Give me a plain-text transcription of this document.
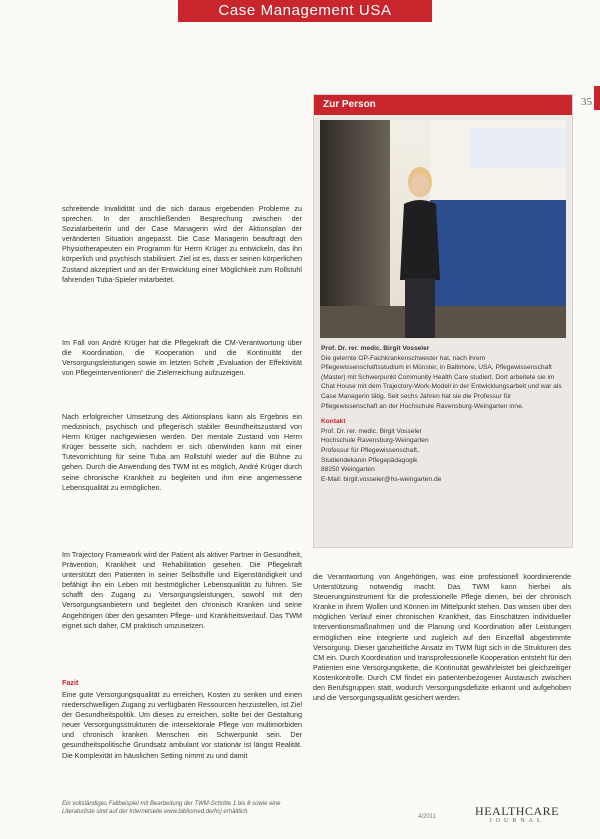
Case Management USA
35
Zur Person
Prof. Dr. rer. medic. Birgit Vosseler
Die gelernte OP-Fachkrankenschwester hat, nach ihrem Pflegewissenschaftsstudium in Münster, in Baltimore, USA, Pflegewissenschaft (Master) mit Schwerpunkt Community Health Care studiert. Dort arbeitete sie im Chat House mit dem Trajectory-Work-Modell in der Entwicklungsarbeit und war als Case Managerin tätig. Seit sechs Jahren hat sie die Professur für Pflegewissenschaft an der Hochschule Ravensburg-Weingarten inne.
Kontakt
Prof. Dr. rer. medic. Birgit Vosseler
Hochschule Ravensburg-Weingarten
Professur für Pflegewissenschaft,
Studiendekanin Pflegepädagogik
88250 Weingarten
E-Mail: birgit.vosseler@hs-weingarten.de

schreitende Invalidität und die sich daraus ergebenden Probleme zu sprechen. In der anschließenden Besprechung zwischen der Sozialarbeiterin und der Case Managerin wird der Aktionsplan der veränderten Situation angepasst. Die Case Managerin beauftragt den Physiotherapeuten ein Programm für Herrn Krüger zu entwickeln, das ihn körperlich und psychisch stabilisiert. Ziel ist es, dass er seinen körperlichen Zustand akzeptiert und an der Entwicklung einer Möglichkeit zum Rollstuhl fahrenden Tuba-Spieler mitarbeitet.

Im Fall von André Krüger hat die Pflegekraft die CM-Verantwortung über die Koordination, die Kooperation und die Kontinuität der Versorgungsleistungen sowie im letzten Schritt „Evaluation der Effektivität von Pflegeinterventionen“ die Zielerreichung aufzuzeigen.

Nach erfolgreicher Umsetzung des Aktionsplans kann als Ergebnis ein medizinisch, psychisch und pflegerisch stabiler Beundheitszustand von Herrn Krüger nachgewiesen werden. Der mentale Zustand von Herrn Krüger besserte sich, nachdem er sich überwinden kann mit einer Tutevorrichtung für seine Tuba am Rollstuhl wieder auf die Bühne zu gehen. Durch die Anwendung des TWM ist es möglich, André Krüger durch seine chronische Krankheit zu begleiten und ihm eine angemessene Lebensqualität zu ermöglichen.

Im Trajectory Framework wird der Patient als aktiver Partner in Gesundheit, Prävention, Krankheit und Rehabilitation gesehen. Die Pflegekraft unterstützt den Patienten in seiner Selbsthilfe und Eigenständigkeit und befähigt ihn ein Leben mit bestmöglicher Lebensqualität zu führen. Sie schafft den Zugang zu Versorgungsleistungen, sowohl mit den Versorgungsanbietern und begleitet den chronisch Kranken und seine Angehörigen über den gesamten Pflege- und Krankheitsverlauf. Das TWM eignet sich daher, CM praktisch umzusetzen.

Fazit

Eine gute Versorgungsqualität zu erreichen, Kosten zu senken und einen niederschwelligen Zugang zu verfügbaren Ressourcen herzustellen, ist Ziel der Gesundheitspolitik. Um dieses zu erreichen, sollte bei der Gestaltung neuer Versorgungsstrukturen die intersektorale Pflege von multimorbiden und chronisch kranken Menschen ein Schwerpunkt sein. Der gesundheitspolitische Grundsatz ambulant vor stationär ist längst Realität. Die Komplexität im häuslichen Setting nimmt zu und damit

die Verantwortung von Angehörigen, was eine professionell koordinierende Unterstützung notwendig macht. Das TWM kann hierbei als Steuerungsinstrument für die professionelle Pflege dienen, bei der chronisch Kranke in ihrem Wollen und Können im Mittelpunkt stehen. Das wissen über den möglichen Verlauf einer chronischen Krankheit, das Einschätzen individueller Interventionsmaßnahmen und die Planung und Koordination aller Leistungen ermöglichen eine integrierte und zugleich auf den Einzelfall abgestimmte Versorgung. Dieser ganzheitliche Ansatz im TWM fügt sich in die Strukturen des CM ein. Durch Koordination und transprofessionelle Kooperation entsteht für den Patienten eine Versorgungskette, die Kontinuität gewährleistet bei gleichzeitiger Kostenkontrolle. Durch CM findet ein patientenbezogener Austausch zwischen den Berufsgruppen statt, wodurch Versorgungsdefizite erkannt und aufgehoben und die Versorgungsqualität gesichert werden.

Ein vollständiges Fallbeispiel mit Bearbeitung der TWM-Schritte 1 bis 8 sowie eine Literaturliste sind auf der Internetseite www.bibliomed.de/hcj erhältlich.
4/2011	HEALTHCARE
JOURNAL
